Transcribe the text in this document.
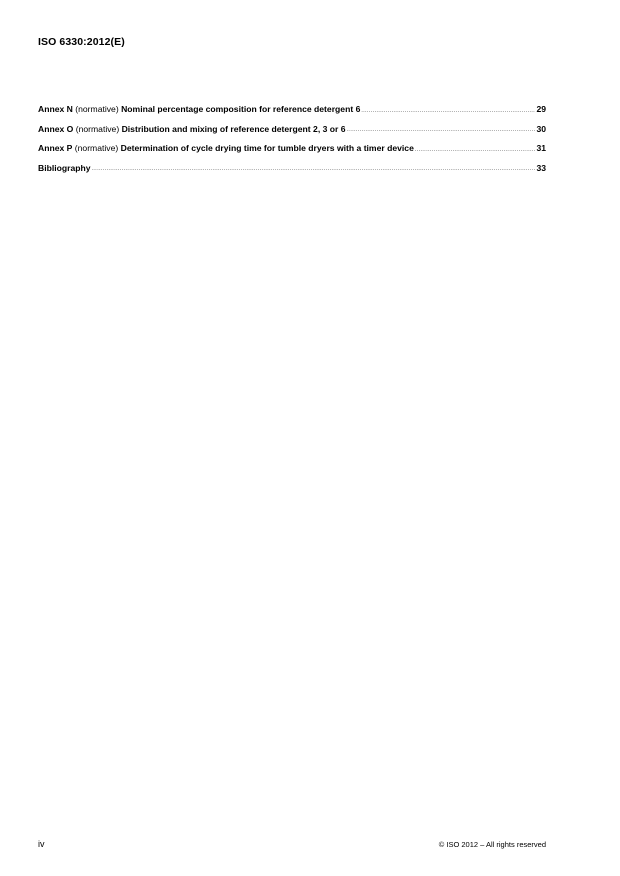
ISO 6330:2012(E)
Annex N (normative) Nominal percentage composition for reference detergent 6 .....	29
Annex O (normative) Distribution and mixing of reference detergent 2, 3 or 6 .....	30
Annex P (normative) Determination of cycle drying time for tumble dryers with a timer device .....	31
Bibliography .....	33
iv	© ISO 2012 – All rights reserved
